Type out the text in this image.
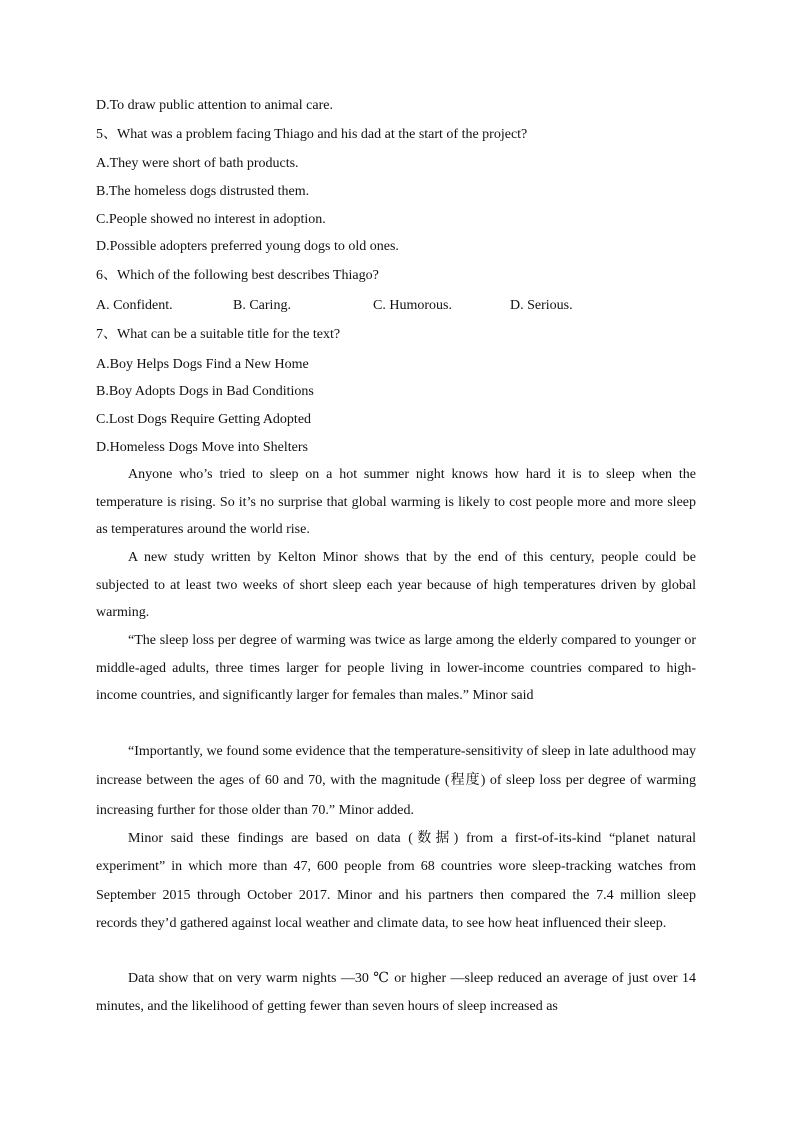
D.To draw public attention to animal care.
5、What was a problem facing Thiago and his dad at the start of the project?
A.They were short of bath products.
B.The homeless dogs distrusted them.
C.People showed no interest in adoption.
D.Possible adopters preferred young dogs to old ones.
6、Which of the following best describes Thiago?
A. Confident.	B. Caring.	C. Humorous.	D. Serious.
7、What can be a suitable title for the text?
A.Boy Helps Dogs Find a New Home
B.Boy Adopts Dogs in Bad Conditions
C.Lost Dogs Require Getting Adopted
D.Homeless Dogs Move into Shelters

Anyone who’s tried to sleep on a hot summer night knows how hard it is to sleep when the temperature is rising. So it’s no surprise that global warming is likely to cost people more and more sleep as temperatures around the world rise.

A new study written by Kelton Minor shows that by the end of this century, people could be subjected to at least two weeks of short sleep each year because of high temperatures driven by global warming.

“The sleep loss per degree of warming was twice as large among the elderly compared to younger or middle-aged adults, three times larger for people living in lower-income countries compared to high-income countries, and significantly larger for females than males.” Minor said

“Importantly, we found some evidence that the temperature-sensitivity of sleep in late adulthood may increase between the ages of 60 and 70, with the magnitude (程度) of sleep loss per degree of warming increasing further for those older than 70.” Minor added.

Minor said these findings are based on data (数据) from a first-of-its-kind “planet natural experiment” in which more than 47, 600 people from 68 countries wore sleep-tracking watches from September 2015 through October 2017. Minor and his partners then compared the 7.4 million sleep records they’d gathered against local weather and climate data, to see how heat influenced their sleep.

Data show that on very warm nights —30 ℃ or higher —sleep reduced an average of just over 14 minutes, and the likelihood of getting fewer than seven hours of sleep increased as
